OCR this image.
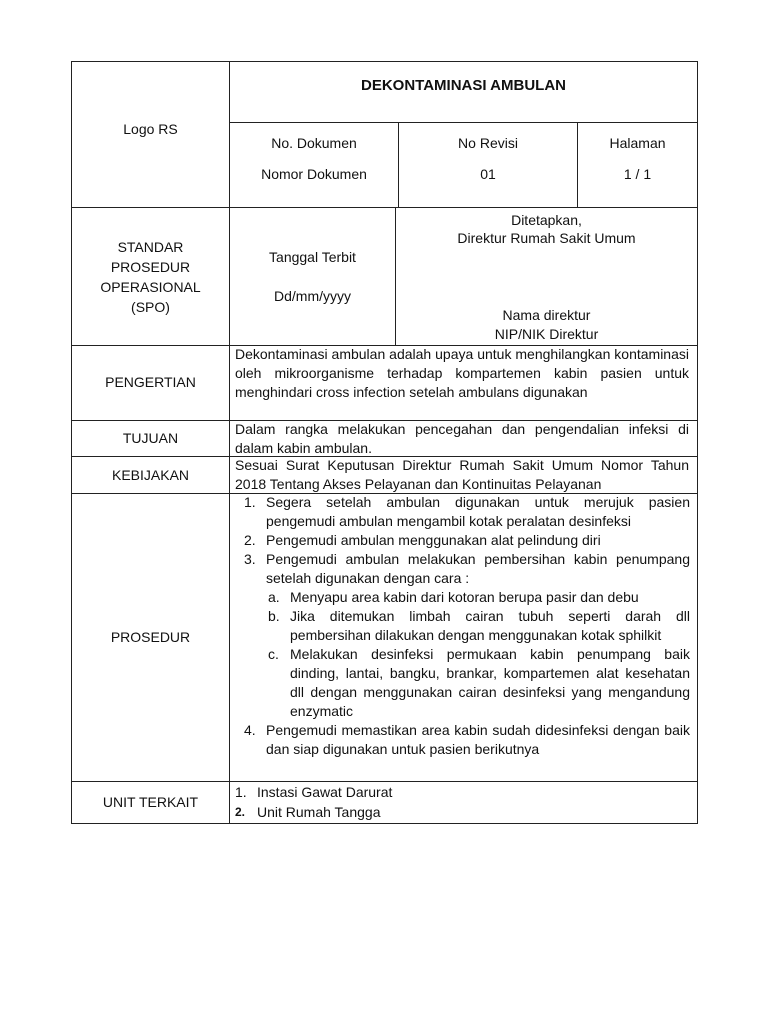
Logo RS
DEKONTAMINASI AMBULAN
No. Dokumen
Nomor Dokumen
No Revisi
01
Halaman
1 / 1
STANDAR PROSEDUR OPERASIONAL (SPO)
Tanggal Terbit
Dd/mm/yyyy
Ditetapkan,
Direktur Rumah Sakit Umum
Nama direktur
NIP/NIK Direktur
PENGERTIAN
Dekontaminasi ambulan adalah upaya untuk menghilangkan kontaminasi oleh mikroorganisme terhadap kompartemen kabin pasien untuk menghindari cross infection setelah ambulans digunakan
TUJUAN
Dalam rangka melakukan pencegahan dan pengendalian infeksi di dalam kabin ambulan.
KEBIJAKAN
Sesuai Surat Keputusan Direktur Rumah Sakit Umum Nomor Tahun 2018 Tentang Akses Pelayanan dan Kontinuitas Pelayanan
PROSEDUR
1. Segera setelah ambulan digunakan untuk merujuk pasien pengemudi ambulan mengambil kotak peralatan desinfeksi
2. Pengemudi ambulan menggunakan alat pelindung diri
3. Pengemudi ambulan melakukan pembersihan kabin penumpang setelah digunakan dengan cara :
a. Menyapu area kabin dari kotoran berupa pasir dan debu
b. Jika ditemukan limbah cairan tubuh seperti darah dll pembersihan dilakukan dengan menggunakan kotak sphilkit
c. Melakukan desinfeksi permukaan kabin penumpang baik dinding, lantai, bangku, brankar, kompartemen alat kesehatan dll dengan menggunakan cairan desinfeksi yang mengandung enzymatic
4. Pengemudi memastikan area kabin sudah didesinfeksi dengan baik dan siap digunakan untuk pasien berikutnya
UNIT TERKAIT
1. Instasi Gawat Darurat
2. Unit Rumah Tangga
